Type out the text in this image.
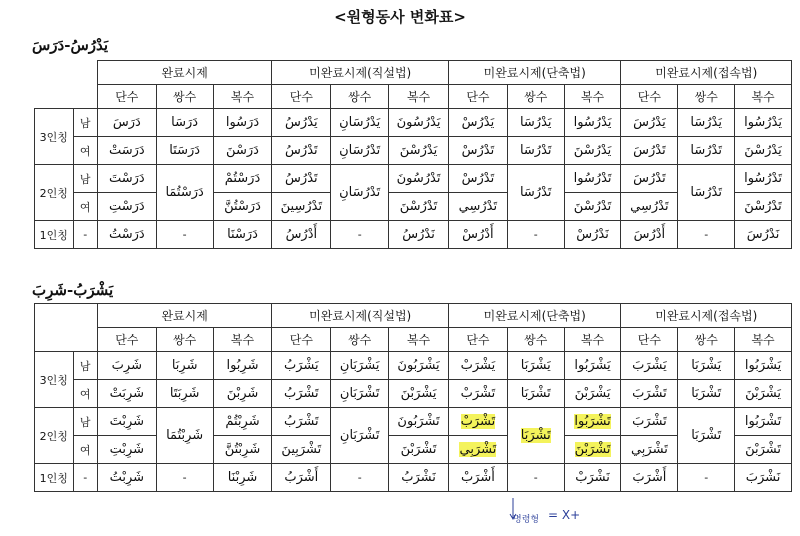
<원형동사 변화표>
دَرَسَ-يَدْرُسُ
		완료시제			미완료시제(직설법)			미완료시제(단축법)			미완료시제(접속법)		
		단수	쌍수	복수	단수	쌍수	복수	단수	쌍수	복수	단수	쌍수	복수
3인칭	남	دَرَسَ	دَرَسَا	دَرَسُوا	يَدْرُسُ	يَدْرُسَانِ	يَدْرُسُونَ	يَدْرُسْ	يَدْرُسَا	يَدْرُسُوا	يَدْرُسَ	يَدْرُسَا	يَدْرُسُوا
	여	دَرَسَتْ	دَرَسَتَا	دَرَسْنَ	تَدْرُسُ	تَدْرُسَانِ	يَدْرُسْنَ	تَدْرُسْ	تَدْرُسَا	يَدْرُسْنَ	تَدْرُسَ	تَدْرُسَا	يَدْرُسْنَ
2인칭	남	دَرَسْتَ	دَرَسْتُمَا	دَرَسْتُمْ	تَدْرُسُ	تَدْرُسَانِ	تَدْرُسُونَ	تَدْرُسْ	تَدْرُسَا	تَدْرُسُوا	تَدْرُسَ	تَدْرُسَا	تَدْرُسُوا
	여	دَرَسْتِ		دَرَسْتُنَّ	تَدْرُسِينَ		تَدْرُسْنَ	تَدْرُسِي		تَدْرُسْنَ	تَدْرُسِي		تَدْرُسْنَ
1인칭	-	دَرَسْتُ	-	دَرَسْنَا	أَدْرُسُ	-	نَدْرُسُ	أَدْرُسْ	-	نَدْرُسْ	أَدْرُسَ	-	نَدْرُسَ
شَرِبَ-يَشْرَبُ
		완료시제			미완료시제(직설법)			미완료시제(단축법)			미완료시제(접속법)		
		단수	쌍수	복수	단수	쌍수	복수	단수	쌍수	복수	단수	쌍수	복수
3인칭	남	شَرِبَ	شَرِبَا	شَرِبُوا	يَشْرَبُ	يَشْرَبَانِ	يَشْرَبُونَ	يَشْرَبْ	يَشْرَبَا	يَشْرَبُوا	يَشْرَبَ	يَشْرَبَا	يَشْرَبُوا
	여	شَرِبَتْ	شَرِبَتَا	شَرِبْنَ	تَشْرَبُ	تَشْرَبَانِ	يَشْرَبْنَ	تَشْرَبْ	تَشْرَبَا	يَشْرَبْنَ	تَشْرَبَ	تَشْرَبَا	يَشْرَبْنَ
2인칭	남	شَرِبْتَ	شَرِبْتُمَا	شَرِبْتُمْ	تَشْرَبُ	تَشْرَبَانِ	تَشْرَبُونَ	تَشْرَبْ	تَشْرَبَا	تَشْرَبُوا	تَشْرَبَ	تَشْرَبَا	تَشْرَبُوا
	여	شَرِبْتِ		شَرِبْتُنَّ	تَشْرَبِينَ		تَشْرَبْنَ	تَشْرَبِي		تَشْرَبْنَ	تَشْرَبِي		تَشْرَبْنَ
1인칭	-	شَرِبْتُ	-	شَرِبْنَا	أَشْرَبُ	-	نَشْرَبُ	أَشْرَبْ	-	نَشْرَبْ	أَشْرَبَ	-	نَشْرَبَ
명령형 = X+
